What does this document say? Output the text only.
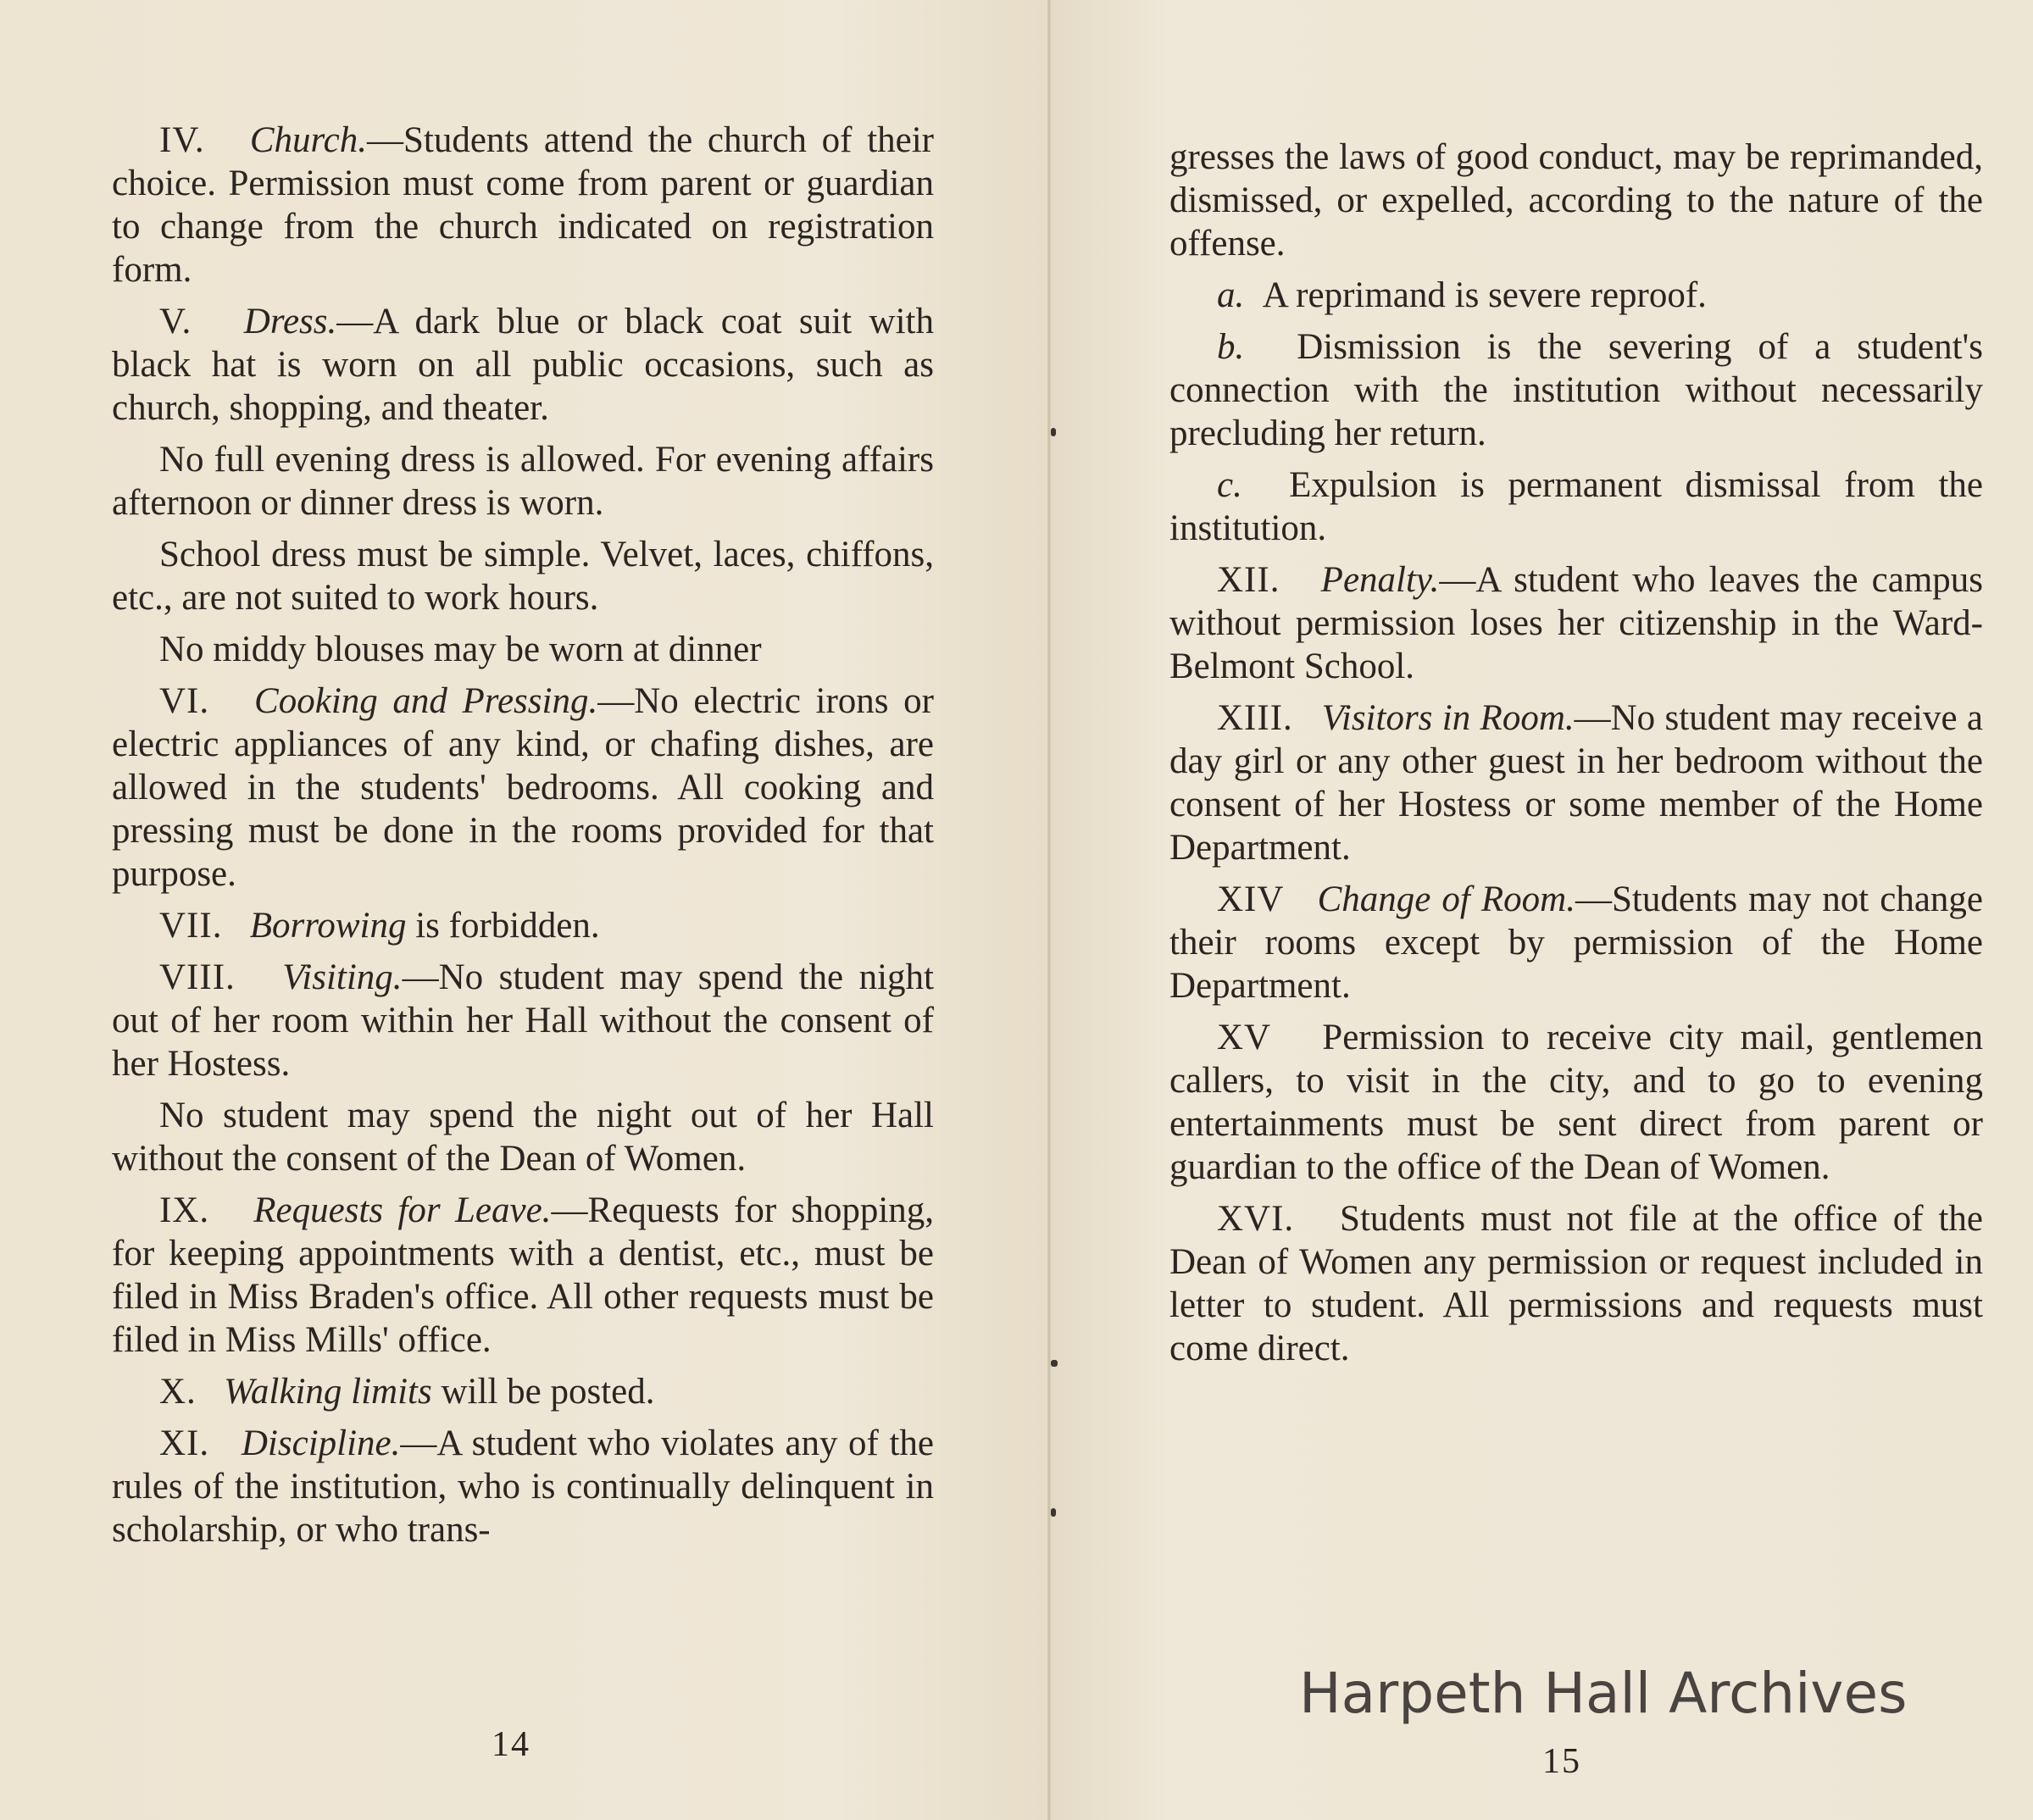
IV. Church.—Students attend the church of their choice. Permission must come from parent or guardian to change from the church indicated on registration form.

V. Dress.—A dark blue or black coat suit with black hat is worn on all public occasions, such as church, shopping, and theater.

No full evening dress is allowed. For evening affairs afternoon or dinner dress is worn.

School dress must be simple. Velvet, laces, chiffons, etc., are not suited to work hours.

No middy blouses may be worn at dinner

VI. Cooking and Pressing.—No electric irons or electric appliances of any kind, or chafing dishes, are allowed in the students' bedrooms. All cooking and pressing must be done in the rooms provided for that purpose.

VII. Borrowing is forbidden.

VIII. Visiting.—No student may spend the night out of her room within her Hall without the consent of her Hostess.

No student may spend the night out of her Hall without the consent of the Dean of Women.

IX. Requests for Leave.—Requests for shopping, for keeping appointments with a dentist, etc., must be filed in Miss Braden's office. All other requests must be filed in Miss Mills' office.

X. Walking limits will be posted.

XI. Discipline.—A student who violates any of the rules of the institution, who is continually delinquent in scholarship, or who trans-

14

gresses the laws of good conduct, may be reprimanded, dismissed, or expelled, according to the nature of the offense.

a. A reprimand is severe reproof.

b. Dismission is the severing of a student's connection with the institution without necessarily precluding her return.

c. Expulsion is permanent dismissal from the institution.

XII. Penalty.—A student who leaves the campus without permission loses her citizenship in the Ward-Belmont School.

XIII. Visitors in Room.—No student may receive a day girl or any other guest in her bedroom without the consent of her Hostess or some member of the Home Department.

XIV Change of Room.—Students may not change their rooms except by permission of the Home Department.

XV Permission to receive city mail, gentlemen callers, to visit in the city, and to go to evening entertainments must be sent direct from parent or guardian to the office of the Dean of Women.

XVI. Students must not file at the office of the Dean of Women any permission or request included in letter to student. All permissions and requests must come direct.

Harpeth Hall Archives
15
